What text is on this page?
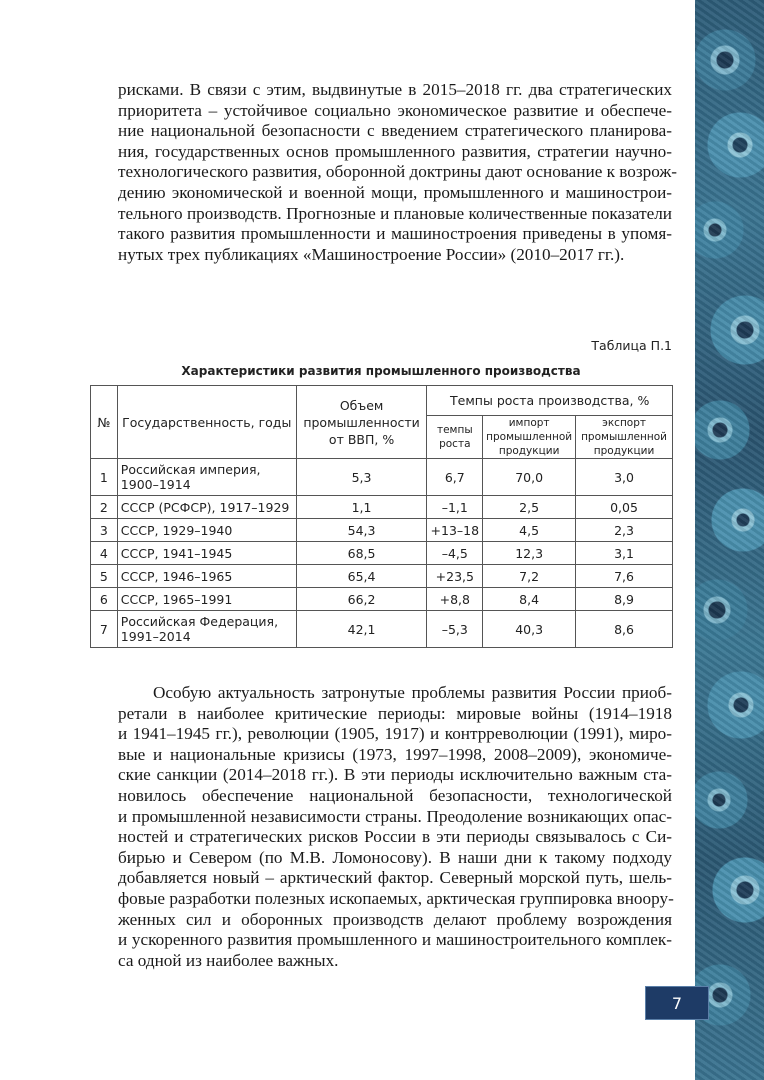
рисками. В связи с этим, выдвинутые в 2015–2018 гг. два стратегических
приоритета – устойчивое социально экономическое развитие и обеспече-
ние национальной безопасности с введением стратегического планирова-
ния, государственных основ промышленного развития, стратегии научно-
технологического развития, оборонной доктрины дают основание к возрож-
дению экономической и военной мощи, промышленного и машинострои-
тельного производств. Прогнозные и плановые количественные показатели
такого развития промышленности и машиностроения приведены в упомя-
нутых трех публикациях «Машиностроение России» (2010–2017 гг.).

Таблица П.1
Характеристики развития промышленного производства
№	Государственность, годы	Объем промышленности от ВВП, %	Темпы роста производства, %		
			темпы роста	импорт промышленной продукции	экспорт промышленной продукции
1	Российская империя, 1900–1914	5,3	6,7	70,0	3,0
2	СССР (РСФСР), 1917–1929	1,1	–1,1	2,5	0,05
3	СССР, 1929–1940	54,3	+13–18	4,5	2,3
4	СССР, 1941–1945	68,5	–4,5	12,3	3,1
5	СССР, 1946–1965	65,4	+23,5	7,2	7,6
6	СССР, 1965–1991	66,2	+8,8	8,4	8,9
7	Российская Федерация, 1991–2014	42,1	–5,3	40,3	8,6

Особую актуальность затронутые проблемы развития России приоб-
ретали в наиболее критические периоды: мировые войны (1914–1918
и 1941–1945 гг.), революции (1905, 1917) и контрреволюции (1991), миро-
вые и национальные кризисы (1973, 1997–1998, 2008–2009), экономиче-
ские санкции (2014–2018 гг.). В эти периоды исключительно важным ста-
новилось обеспечение национальной безопасности, технологической
и промышленной независимости страны. Преодоление возникающих опас-
ностей и стратегических рисков России в эти периоды связывалось с Си-
бирью и Севером (по М.В. Ломоносову). В наши дни к такому подходу
добавляется новый – арктический фактор. Северный морской путь, шель-
фовые разработки полезных ископаемых, арктическая группировка вноору-
женных сил и оборонных производств делают проблему возрождения
и ускоренного развития промышленного и машиностроительного комплек-
са одной из наиболее важных.

7
